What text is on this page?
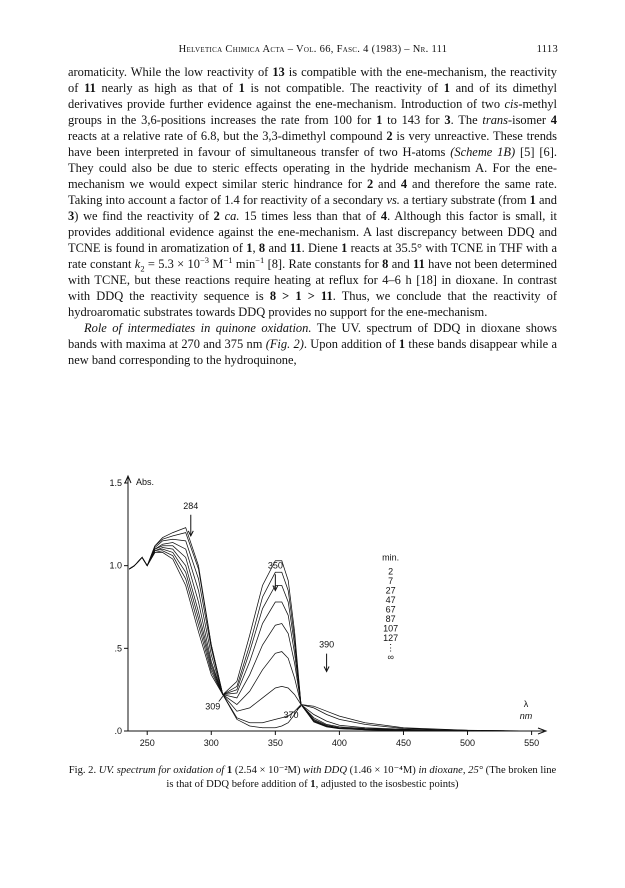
Helvetica Chimica Acta – Vol. 66, Fasc. 4 (1983) – Nr. 111	1113

aromaticity. While the low reactivity of 13 is compatible with the ene-mechanism, the reactivity of 11 nearly as high as that of 1 is not compatible. The reactivity of 1 and of its dimethyl derivatives provide further evidence against the ene-mechanism. Introduction of two cis-methyl groups in the 3,6-positions increases the rate from 100 for 1 to 143 for 3. The trans-isomer 4 reacts at a relative rate of 6.8, but the 3,3-dimethyl compound 2 is very unreactive. These trends have been interpreted in favour of simultaneous transfer of two H-atoms (Scheme 1B) [5] [6]. They could also be due to steric effects operating in the hydride mechanism A. For the ene-mechanism we would expect similar steric hindrance for 2 and 4 and therefore the same rate. Taking into account a factor of 1.4 for reactivity of a secondary vs. a tertiary substrate (from 1 and 3) we find the reactivity of 2 ca. 15 times less than that of 4. Although this factor is small, it provides additional evidence against the ene-mechanism. A last discrepancy between DDQ and TCNE is found in aromatization of 1, 8 and 11. Diene 1 reacts at 35.5° with TCNE in THF with a rate constant $k_2 = 5.3 \times 10^{-3}$ $M^{-1}$ $\min^{-1} [8]$. Rate constants for 8 and 11 have not been determined with TCNE, but these reactions require heating at reflux for 4–6 h [18] in dioxane. In contrast with DDQ the reactivity sequence is 8 > 1 > 11. Thus, we conclude that the reactivity of hydroaromatic substrates towards DDQ provides no support for the ene-mechanism.

Role of intermediates in quinone oxidation. The UV. spectrum of DDQ in dioxane shows bands with maxima at 270 and 375 nm (Fig. 2). Upon addition of 1 these bands disappear while a new band corresponding to the hydroquinone,

.0
.5
1.0
1.5 Abs.
250	300	350	400	450	500	550
λ
nm
284
350
390
309
370
min.
2
7
27
47
67
87
107
127
⋮
∞
Fig. 2. UV. spectrum for oxidation of 1 (2.54 × 10⁻²M) with DDQ (1.46 × 10⁻⁴M) in dioxane, 25° (The broken line is that of DDQ before addition of 1, adjusted to the isosbestic points)
